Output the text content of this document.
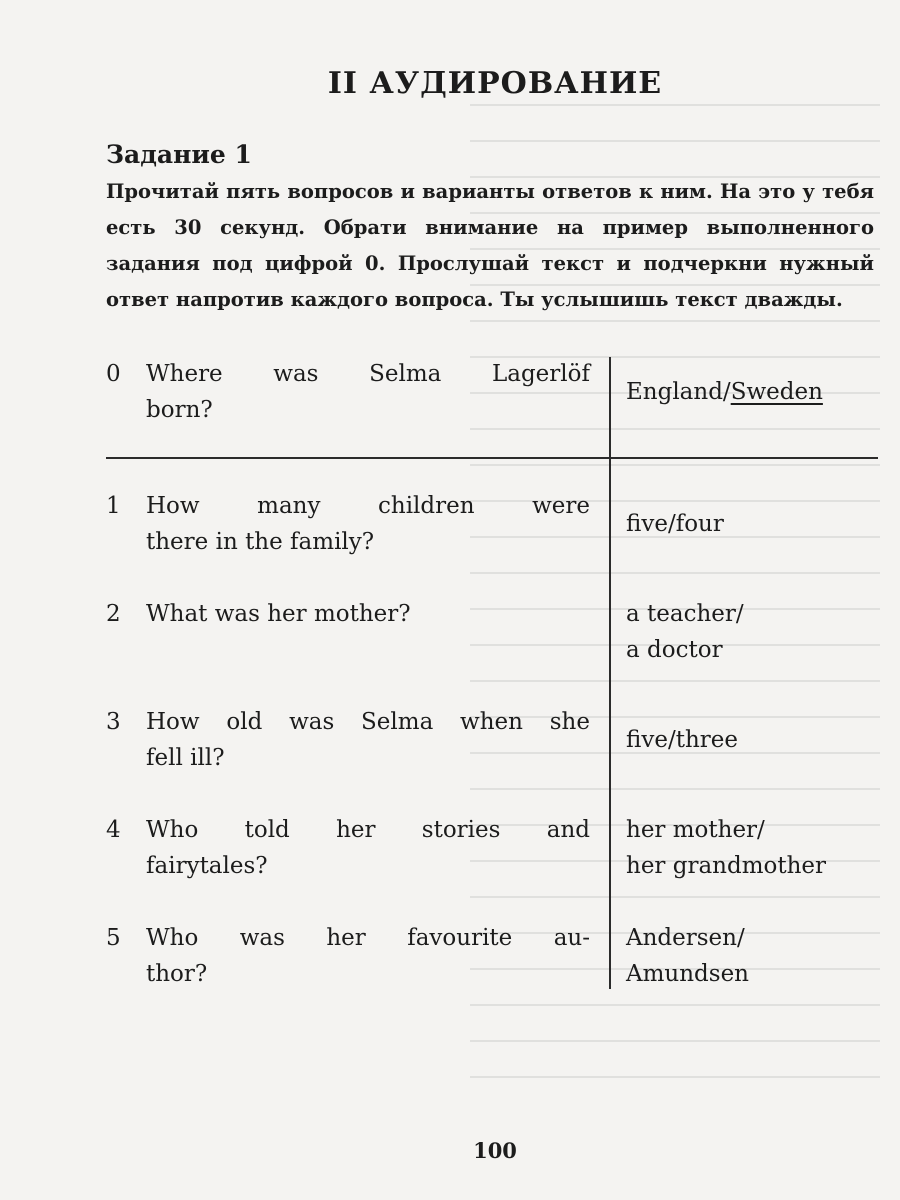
II АУДИРОВАНИЕ
Задание 1
Прочитай пять вопросов и варианты ответов к ним. На это у тебя есть 30 секунд. Обрати внимание на пример выполненного задания под цифрой 0. Прослушай текст и подчеркни нужный ответ напротив каждого вопроса. Ты услышишь текст дважды.
0 Where was Selma Lagerlöf
born?
England/Sweden
1 How many children were
there in the family?
five/four
2 What was her mother?	a teacher/
a doctor
3 How old was Selma when she
fell ill?
five/three
4 Who told her stories and
fairytales?
her mother/
her grandmother
5 Who was her favourite au-
thor?
Andersen/
Amundsen
100
